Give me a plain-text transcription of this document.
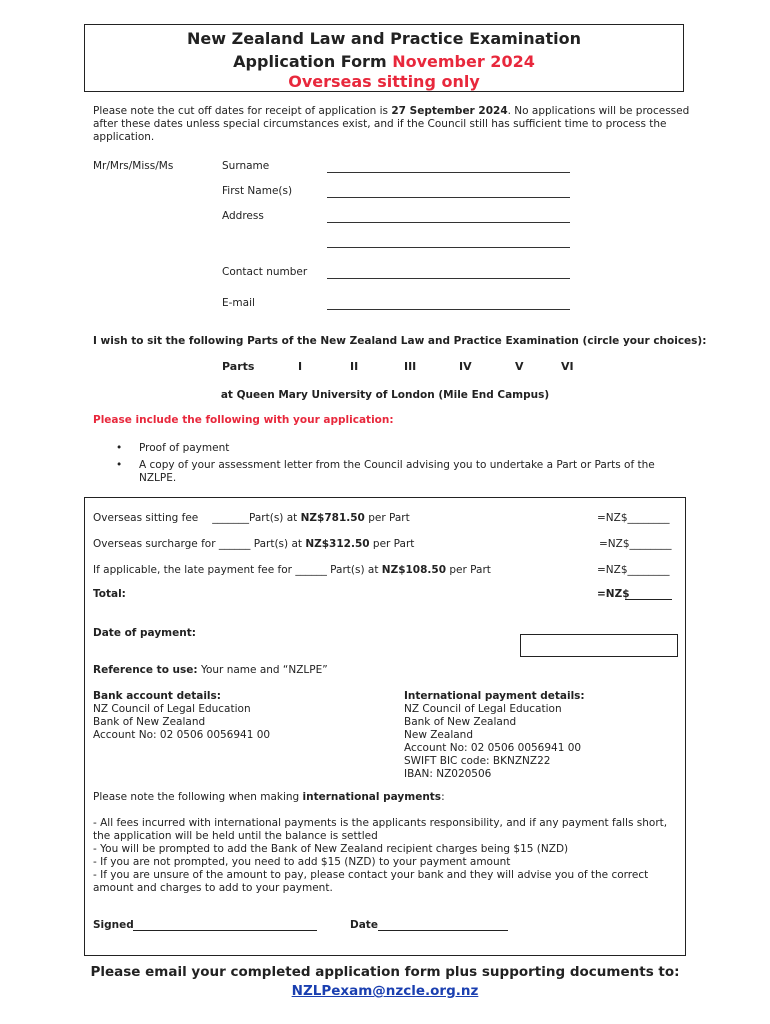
New Zealand Law and Practice Examination
Application Form November 2024
Overseas sitting only
Please note the cut off dates for receipt of application is 27 September 2024. No applications will be processed after these dates unless special circumstances exist, and if the Council still has sufficient time to process the application.
Mr/Mrs/Miss/Ms	Surname
First Name(s)
Address
Contact number
E-mail
I wish to sit the following Parts of the New Zealand Law and Practice Examination (circle your choices):
Parts	I	II	III	IV	V	VI
at Queen Mary University of London (Mile End Campus)
Please include the following with your application:
• Proof of payment
• A copy of your assessment letter from the Council advising you to undertake a Part or Parts of the NZLPE.
Overseas sitting fee _______Part(s) at NZ$781.50 per Part	=NZ$________
Overseas surcharge for ______ Part(s) at NZ$312.50 per Part	=NZ$________
If applicable, the late payment fee for ______ Part(s) at NZ$108.50 per Part	=NZ$________
Total:	=NZ$
Date of payment:
Reference to use: Your name and “NZLPE”
Bank account details:
NZ Council of Legal Education
Bank of New Zealand
Account No: 02 0506 0056941 00
International payment details:
NZ Council of Legal Education
Bank of New Zealand
New Zealand
Account No: 02 0506 0056941 00
SWIFT BIC code: BKNZNZ22
IBAN: NZ020506
Please note the following when making international payments:
- All fees incurred with international payments is the applicants responsibility, and if any payment falls short, the application will be held until the balance is settled
- You will be prompted to add the Bank of New Zealand recipient charges being $15 (NZD)
- If you are not prompted, you need to add $15 (NZD) to your payment amount
- If you are unsure of the amount to pay, please contact your bank and they will advise you of the correct amount and charges to add to your payment.
Signed	Date
Please email your completed application form plus supporting documents to:
NZLPexam@nzcle.org.nz
